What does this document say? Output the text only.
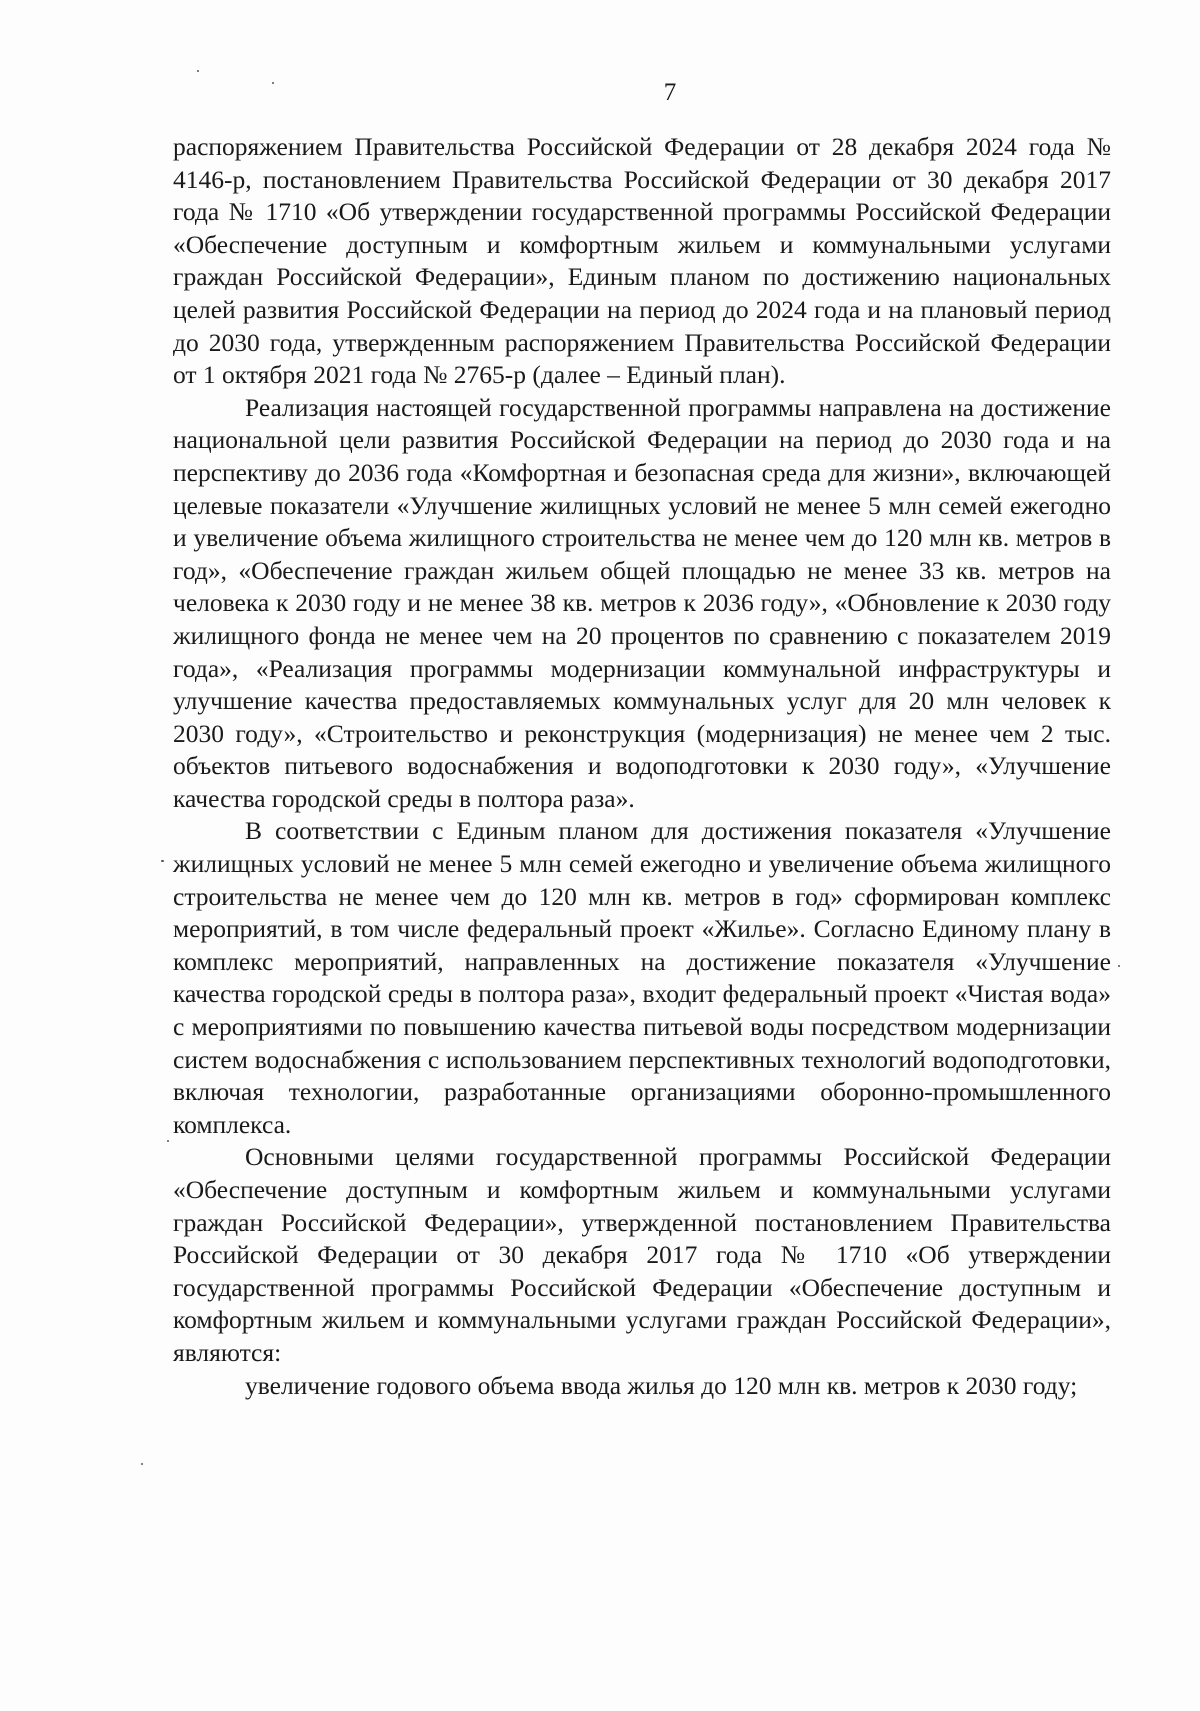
7

распоряжением Правительства Российской Федерации от 28 декабря 2024 года № 4146-р, постановлением Правительства Российской Федерации от 30 декабря 2017 года № 1710 «Об утверждении государственной программы Российской Федерации «Обеспечение доступным и комфортным жильем и коммунальными услугами граждан Российской Федерации», Единым планом по достижению национальных целей развития Российской Федерации на период до 2024 года и на плановый период до 2030 года, утвержденным распоряжением Правительства Российской Федерации от 1 октября 2021 года № 2765-р (далее – Единый план).

Реализация настоящей государственной программы направлена на достижение национальной цели развития Российской Федерации на период до 2030 года и на перспективу до 2036 года «Комфортная и безопасная среда для жизни», включающей целевые показатели «Улучшение жилищных условий не менее 5 млн семей ежегодно и увеличение объема жилищного строительства не менее чем до 120 млн кв. метров в год», «Обеспечение граждан жильем общей площадью не менее 33 кв. метров на человека к 2030 году и не менее 38 кв. метров к 2036 году», «Обновление к 2030 году жилищного фонда не менее чем на 20 процентов по сравнению с показателем 2019 года», «Реализация программы модернизации коммунальной инфраструктуры и улучшение качества предоставляемых коммунальных услуг для 20 млн человек к 2030 году», «Строительство и реконструкция (модернизация) не менее чем 2 тыс. объектов питьевого водоснабжения и водоподготовки к 2030 году», «Улучшение качества городской среды в полтора раза».

В соответствии с Единым планом для достижения показателя «Улучшение жилищных условий не менее 5 млн семей ежегодно и увеличение объема жилищного строительства не менее чем до 120 млн кв. метров в год» сформирован комплекс мероприятий, в том числе федеральный проект «Жилье». Согласно Единому плану в комплекс мероприятий, направленных на достижение показателя «Улучшение качества городской среды в полтора раза», входит федеральный проект «Чистая вода» с мероприятиями по повышению качества питьевой воды посредством модернизации систем водоснабжения с использованием перспективных технологий водоподготовки, включая технологии, разработанные организациями оборонно-промышленного комплекса.

Основными целями государственной программы Российской Федерации «Обеспечение доступным и комфортным жильем и коммунальными услугами граждан Российской Федерации», утвержденной постановлением Правительства Российской Федерации от 30 декабря 2017 года № 1710 «Об утверждении государственной программы Российской Федерации «Обеспечение доступным и комфортным жильем и коммунальными услугами граждан Российской Федерации», являются:

увеличение годового объема ввода жилья до 120 млн кв. метров к 2030 году;
